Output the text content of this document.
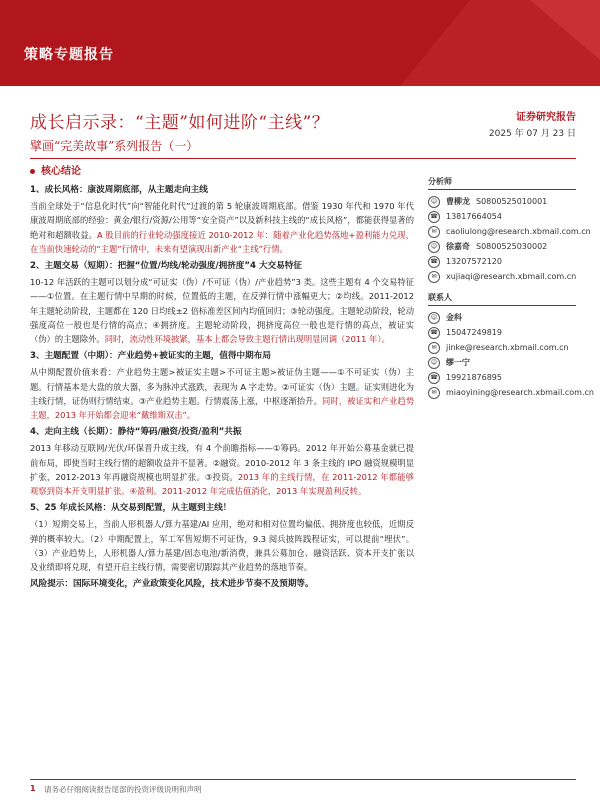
策略专题报告
成长启示录：“主题”如何进阶“主线”？
擘画“完美故事”系列报告（一）
证券研究报告
2025 年 07 月 23 日
核心结论
1、成长风格：康波周期底部，从主题走向主线
当前全球处于“信息化时代”向“智能化时代”过渡的第 5 轮康波周期底部。借鉴 1930 年代和 1970 年代康波周期底部的经验：黄金/银行/资源/公用等“安全资产”以及新科技主线的“成长风格”，都能获得显著的绝对和超额收益。A 股目前的行业轮动强度接近 2010-2012 年：随着产业化趋势落地+盈利能力兑现，在当前快速轮动的“主题”行情中，未来有望演现出新产业“主线”行情。
2、主题交易（短期）：把握“位置/均线/轮动强度/拥挤度”4 大交易特征
10-12 年活跃的主题可以划分成“可证实（伪）/不可证（伪）/产业趋势”3 类。这些主题有 4 个交易特征——①位置。在主题行情中早期的时候，位置低的主题，在反弹行情中涨幅更大；②均线。2011-2012 年主题轮动阶段，主题都在 120 日均线±2 倍标准差区间内均值回归；③轮动强度。主题轮动阶段，轮动强度高位一般也是行情的高点；④拥挤度。主题轮动阶段，拥挤度高位一般也是行情的高点，被证实（伪）的主题除外。同时，流动性环境披紧，基本上都会导致主题行情出现明显回调（2011 年）。
3、主题配置（中期）：产业趋势+被证实的主题，值得中期布局
从中期配置价值来看：产业趋势主题>被证实主题>不可证主题>被证伪主题——①不可证实（伪）主题。行情基本是大盘的放大器，多为脉冲式涨跌，表现为 A 字走势。②可证实（伪）主题。证实则进化为主线行情，证伪则行情结束。③产业趋势主题。行情震荡上涨，中枢逐渐抬升。同时，被证实和产业趋势主题，2013 年开始都会迎来“戴维斯双击”。
4、走向主线（长期）：静待“筹码/融资/投资/盈利”共振
2013 年移动互联网/光伏/环保晋升成主线，有 4 个前瞻指标——①筹码。2012 年开始公募基金就已提前布局，即使当时主线行情的超额收益并不显著。②融资。2010-2012 年 3 条主线的 IPO 融资规模明显扩张，2012-2013 年再融资规模也明显扩张。③投资。2013 年的主线行情，在 2011-2012 年都能够观察到资本开支明显扩张。④盈利。2011-2012 年完成估值消化，2013 年实现盈利反转。
5、25 年成长风格：从交易到配置，从主题到主线！
（1）短期交易上，当前人形机器人/算力基建/AI 应用，绝对和相对位置均偏低、拥挤度也较低，近期反弹的概率较大。（2）中期配置上，军工军售短期不可证伪，9.3 阅兵披阵践程证实，可以提前“埋伏”。（3）产业趋势上，人形机器人/算力基建/固态电池/新消费，兼具公募加仓、融资活跃、资本开支扩张以及业绩即将兑现，有望开启主线行情，需要密切跟踪其产业趋势的落地节奏。
风险提示：国际环境变化，产业政策变化风险，技术进步节奏不及预期等。
分析师
☺	曹柳龙 S0800525010001
☎ 13817664054
✉	caoliulong@research.xbmail.com.cn
☺	徐嘉奇 S0800525030002
☎ 13207572120
✉	xujiaqi@research.xbmail.com.cn
联系人
☺	金科
☎ 15047249819
✉	jinke@research.xbmail.com.cn
☺	缪一宁
☎ 19921876895
✉	miaoyining@research.xbmail.com.cn
1 请务必仔细阅读报告尾部的投资评级说明和声明
